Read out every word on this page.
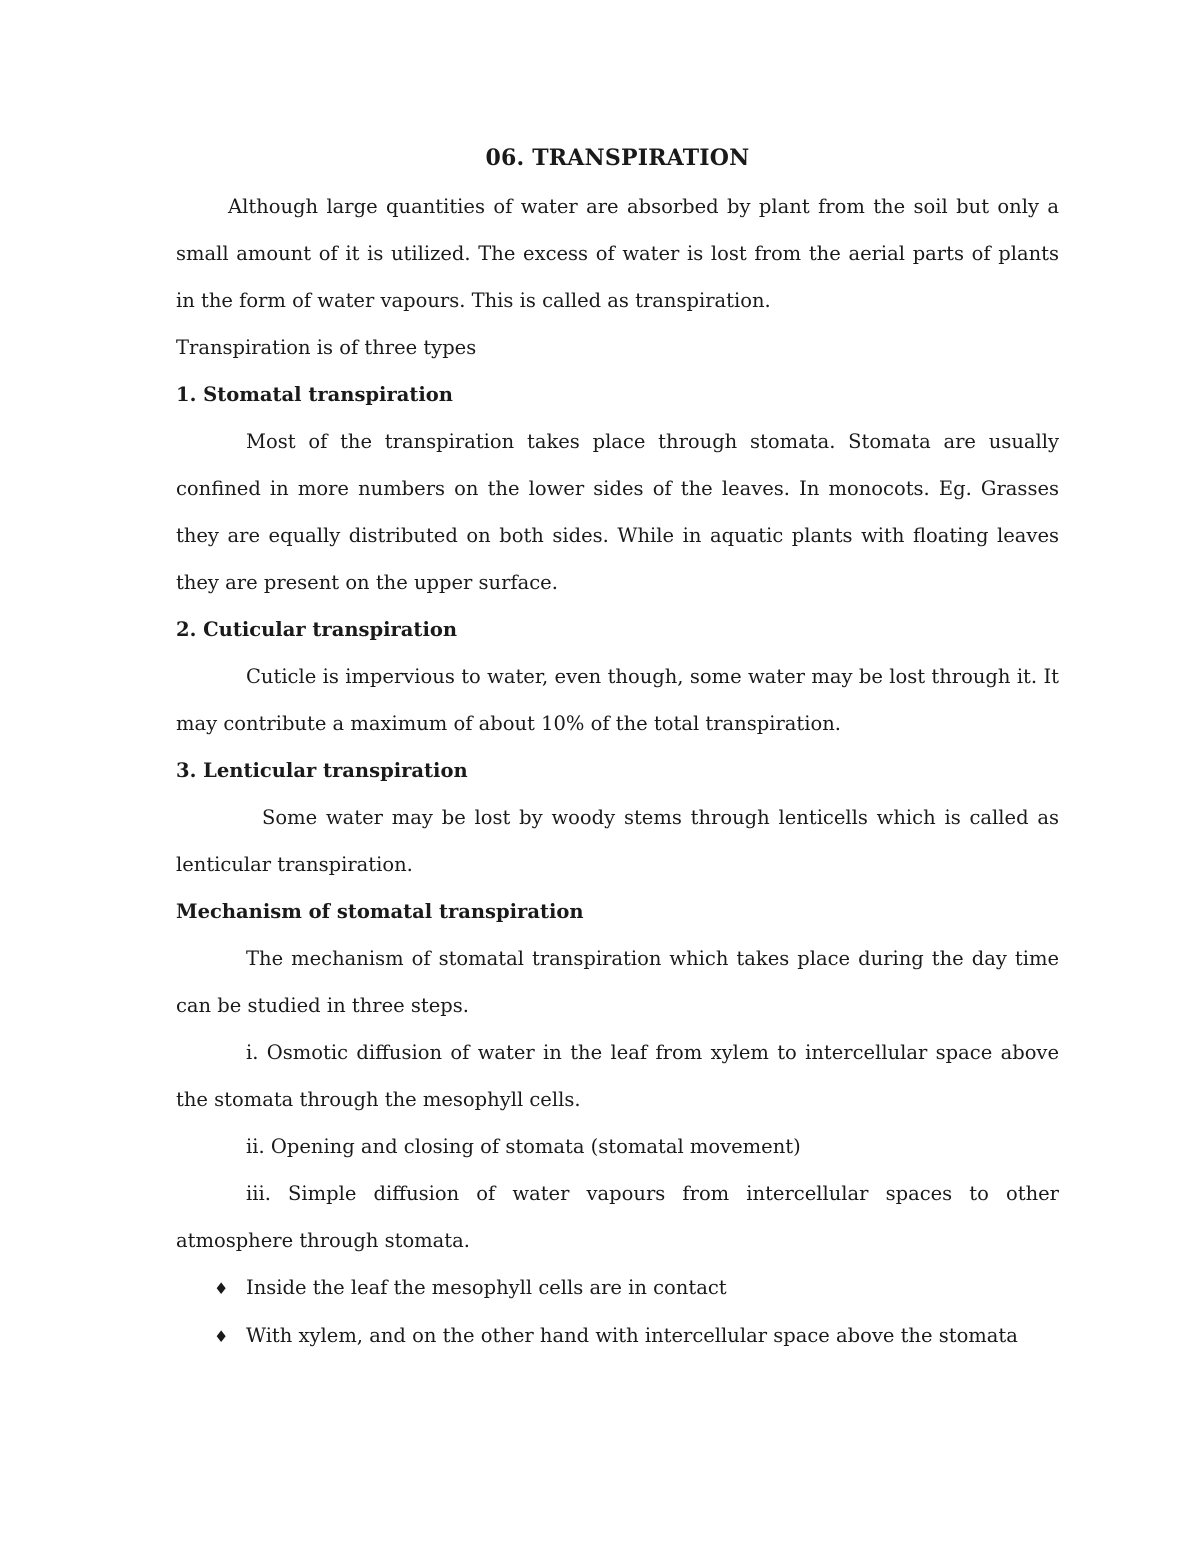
06. TRANSPIRATION

Although large quantities of water are absorbed by plant from the soil but only a small amount of it is utilized. The excess of water is lost from the aerial parts of plants in the form of water vapours. This is called as transpiration.

Transpiration is of three types

1. Stomatal transpiration

Most of the transpiration takes place through stomata. Stomata are usually confined in more numbers on the lower sides of the leaves. In monocots. Eg. Grasses they are equally distributed on both sides. While in aquatic plants with floating leaves they are present on the upper surface.

2. Cuticular transpiration

Cuticle is impervious to water, even though, some water may be lost through it. It may contribute a maximum of about 10% of the total transpiration.

3. Lenticular transpiration

Some water may be lost by woody stems through lenticells which is called as lenticular transpiration.

Mechanism of stomatal transpiration

The mechanism of stomatal transpiration which takes place during the day time can be studied in three steps.

i. Osmotic diffusion of water in the leaf from xylem to intercellular space above the stomata through the mesophyll cells.

ii. Opening and closing of stomata (stomatal movement)

iii. Simple diffusion of water vapours from intercellular spaces to other atmosphere through stomata.

♦ Inside the leaf the mesophyll cells are in contact
♦ With xylem, and on the other hand with intercellular space above the stomata
